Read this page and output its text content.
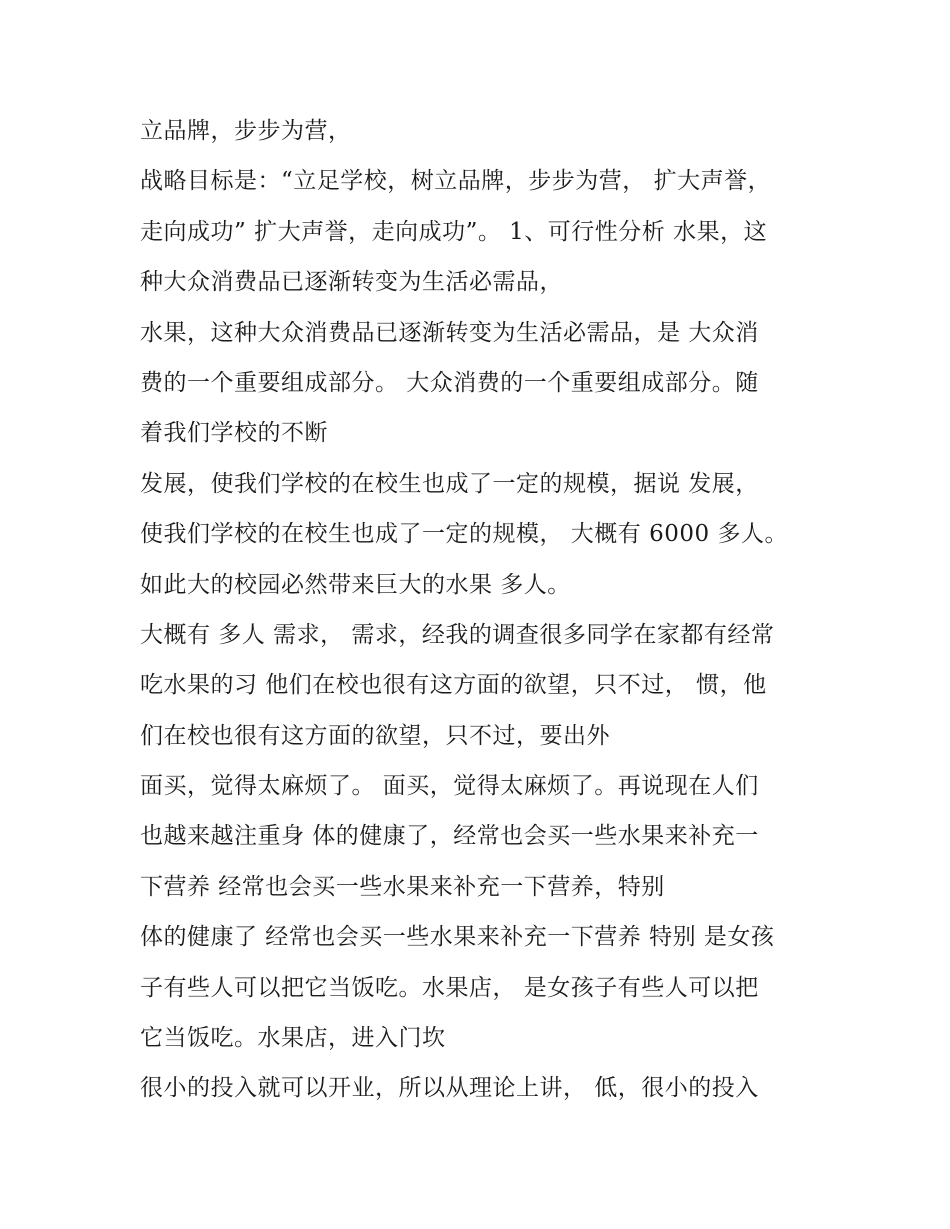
立品牌，步步为营，
战略目标是：“立足学校，树立品牌，步步为营， 扩大声誉，
走向成功” 扩大声誉，走向成功”。 1、可行性分析 水果，这
种大众消费品已逐渐转变为生活必需品，
水果，这种大众消费品已逐渐转变为生活必需品，是 大众消
费的一个重要组成部分。 大众消费的一个重要组成部分。随
着我们学校的不断
发展，使我们学校的在校生也成了一定的规模，据说 发展，
使我们学校的在校生也成了一定的规模， 大概有 6000 多人。
如此大的校园必然带来巨大的水果 多人。
大概有 多人 需求， 需求，经我的调查很多同学在家都有经常
吃水果的习 他们在校也很有这方面的欲望，只不过， 惯，他
们在校也很有这方面的欲望，只不过，要出外
面买，觉得太麻烦了。 面买，觉得太麻烦了。再说现在人们
也越来越注重身 体的健康了，经常也会买一些水果来补充一
下营养 经常也会买一些水果来补充一下营养，特别
体的健康了 经常也会买一些水果来补充一下营养 特别 是女孩
子有些人可以把它当饭吃。水果店， 是女孩子有些人可以把
它当饭吃。水果店，进入门坎
很小的投入就可以开业，所以从理论上讲， 低，很小的投入
